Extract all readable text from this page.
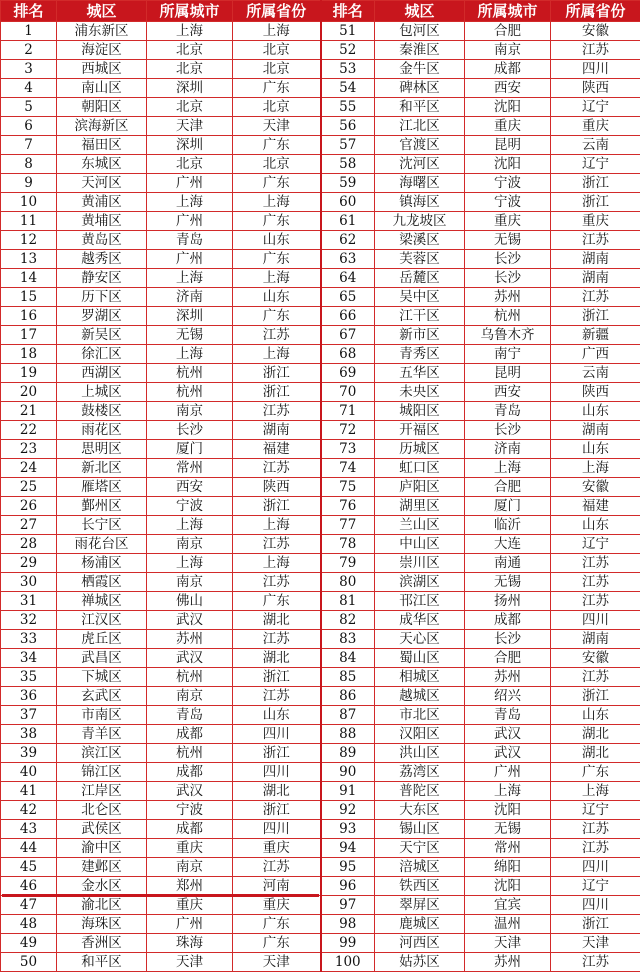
排名	城区	所属城市	所属省份	排名	城区	所属城市	所属省份
1	浦东新区	上海	上海	51	包河区	合肥	安徽
2	海淀区	北京	北京	52	秦淮区	南京	江苏
3	西城区	北京	北京	53	金牛区	成都	四川
4	南山区	深圳	广东	54	碑林区	西安	陕西
5	朝阳区	北京	北京	55	和平区	沈阳	辽宁
6	滨海新区	天津	天津	56	江北区	重庆	重庆
7	福田区	深圳	广东	57	官渡区	昆明	云南
8	东城区	北京	北京	58	沈河区	沈阳	辽宁
9	天河区	广州	广东	59	海曙区	宁波	浙江
10	黄浦区	上海	上海	60	镇海区	宁波	浙江
11	黄埔区	广州	广东	61	九龙坡区	重庆	重庆
12	黄岛区	青岛	山东	62	梁溪区	无锡	江苏
13	越秀区	广州	广东	63	芙蓉区	长沙	湖南
14	静安区	上海	上海	64	岳麓区	长沙	湖南
15	历下区	济南	山东	65	吴中区	苏州	江苏
16	罗湖区	深圳	广东	66	江干区	杭州	浙江
17	新吴区	无锡	江苏	67	新市区	乌鲁木齐	新疆
18	徐汇区	上海	上海	68	青秀区	南宁	广西
19	西湖区	杭州	浙江	69	五华区	昆明	云南
20	上城区	杭州	浙江	70	未央区	西安	陕西
21	鼓楼区	南京	江苏	71	城阳区	青岛	山东
22	雨花区	长沙	湖南	72	开福区	长沙	湖南
23	思明区	厦门	福建	73	历城区	济南	山东
24	新北区	常州	江苏	74	虹口区	上海	上海
25	雁塔区	西安	陕西	75	庐阳区	合肥	安徽
26	鄞州区	宁波	浙江	76	湖里区	厦门	福建
27	长宁区	上海	上海	77	兰山区	临沂	山东
28	雨花台区	南京	江苏	78	中山区	大连	辽宁
29	杨浦区	上海	上海	79	崇川区	南通	江苏
30	栖霞区	南京	江苏	80	滨湖区	无锡	江苏
31	禅城区	佛山	广东	81	邗江区	扬州	江苏
32	江汉区	武汉	湖北	82	成华区	成都	四川
33	虎丘区	苏州	江苏	83	天心区	长沙	湖南
34	武昌区	武汉	湖北	84	蜀山区	合肥	安徽
35	下城区	杭州	浙江	85	相城区	苏州	江苏
36	玄武区	南京	江苏	86	越城区	绍兴	浙江
37	市南区	青岛	山东	87	市北区	青岛	山东
38	青羊区	成都	四川	88	汉阳区	武汉	湖北
39	滨江区	杭州	浙江	89	洪山区	武汉	湖北
40	锦江区	成都	四川	90	荔湾区	广州	广东
41	江岸区	武汉	湖北	91	普陀区	上海	上海
42	北仑区	宁波	浙江	92	大东区	沈阳	辽宁
43	武侯区	成都	四川	93	锡山区	无锡	江苏
44	渝中区	重庆	重庆	94	天宁区	常州	江苏
45	建邺区	南京	江苏	95	涪城区	绵阳	四川
46	金水区	郑州	河南	96	铁西区	沈阳	辽宁
47	渝北区	重庆	重庆	97	翠屏区	宜宾	四川
48	海珠区	广州	广东	98	鹿城区	温州	浙江
49	香洲区	珠海	广东	99	河西区	天津	天津
50	和平区	天津	天津	100	姑苏区	苏州	江苏
